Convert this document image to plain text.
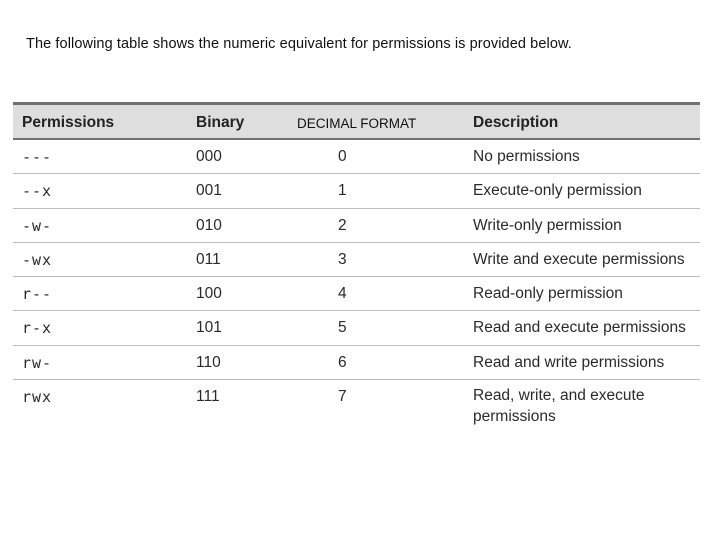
The following table shows the numeric equivalent for permissions is provided below.
Permissions	Binary	DECIMAL FORMAT	Description
---	000	0	No permissions
--x	001	1	Execute-only permission
-w-	010	2	Write-only permission
-wx	011	3	Write and execute permissions
r--	100	4	Read-only permission
r-x	101	5	Read and execute permissions
rw-	110	6	Read and write permissions
rwx	111	7	Read, write, and execute permissions
